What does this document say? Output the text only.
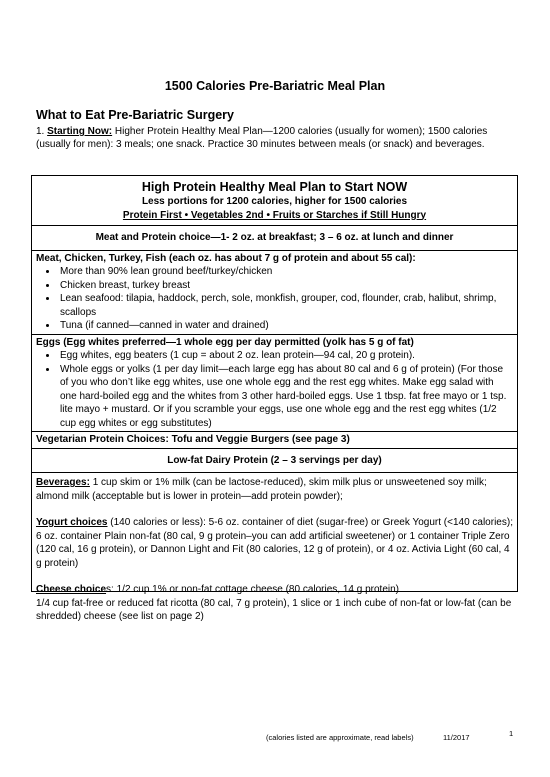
1500 Calories Pre-Bariatric Meal Plan
What to Eat Pre-Bariatric Surgery
1. Starting Now: Higher Protein Healthy Meal Plan—1200 calories (usually for women); 1500 calories (usually for men): 3 meals; one snack. Practice 30 minutes between meals (or snack) and beverages.
High Protein Healthy Meal Plan to Start NOW
Less portions for 1200 calories, higher for 1500 calories
Protein First • Vegetables 2nd • Fruits or Starches if Still Hungry
Meat and Protein choice—1- 2 oz. at breakfast; 3 – 6 oz. at lunch and dinner
Meat, Chicken, Turkey, Fish (each oz. has about 7 g of protein and about 55 cal):
• More than 90% lean ground beef/turkey/chicken
• Chicken breast, turkey breast
• Lean seafood: tilapia, haddock, perch, sole, monkfish, grouper, cod, flounder, crab, halibut, shrimp, scallops
• Tuna (if canned—canned in water and drained)
Eggs (Egg whites preferred—1 whole egg per day permitted (yolk has 5 g of fat)
• Egg whites, egg beaters (1 cup = about 2 oz. lean protein—94 cal, 20 g protein).
• Whole eggs or yolks (1 per day limit—each large egg has about 80 cal and 6 g of protein) (For those of you who don’t like egg whites, use one whole egg and the rest egg whites. Make egg salad with one hard-boiled egg and the whites from 3 other hard-boiled eggs. Use 1 tbsp. fat free mayo or 1 tsp. lite mayo + mustard. Or if you scramble your eggs, use one whole egg and the rest egg whites (1/2 cup egg whites or egg substitutes)
Vegetarian Protein Choices: Tofu and Veggie Burgers (see page 3)
Low-fat Dairy Protein (2 – 3 servings per day)

Beverages: 1 cup skim or 1% milk (can be lactose-reduced), skim milk plus or unsweetened soy milk; almond milk (acceptable but is lower in protein—add protein powder);

Yogurt choices (140 calories or less): 5-6 oz. container of diet (sugar-free) or Greek Yogurt (<140 calories);

6 oz. container Plain non-fat (80 cal, 9 g protein–you can add artificial sweetener) or 1 container Triple Zero (120 cal, 16 g protein), or Dannon Light and Fit (80 calories, 12 g of protein), or 4 oz. Activia Light (60 cal, 4 g protein)

Cheese choices: 1/2 cup 1% or non-fat cottage cheese (80 calories, 14 g protein)

1/4 cup fat-free or reduced fat ricotta (80 cal, 7 g protein), 1 slice or 1 inch cube of non-fat or low-fat (can be shredded) cheese (see list on page 2)

(calories listed are approximate, read labels)	11/2017	1
